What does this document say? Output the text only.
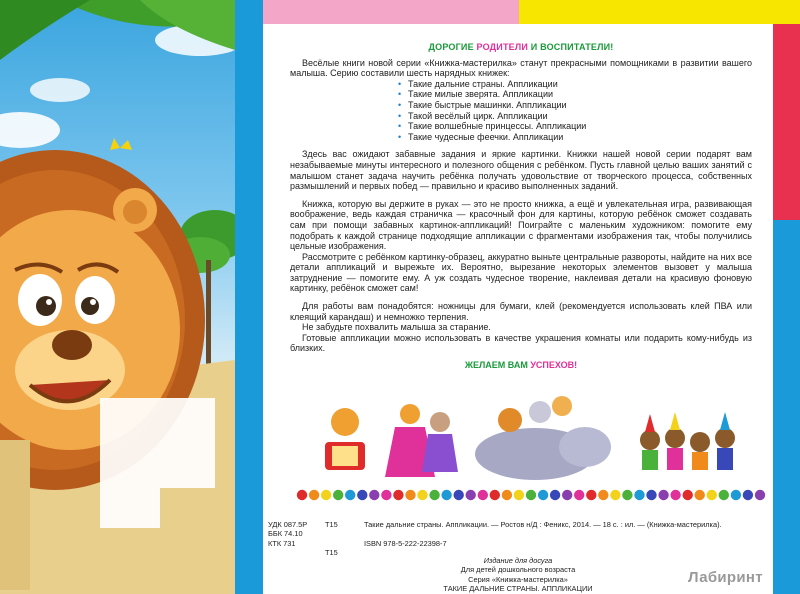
ДОРОГИЕ РОДИТЕЛИ И ВОСПИТАТЕЛИ!

Весёлые книги новой серии «Книжка-мастерилка» станут прекрасными помощниками в развитии вашего малыша. Серию составили шесть нарядных книжек:

• Такие дальние страны. Аппликации
• Такие милые зверята. Аппликации
• Такие быстрые машинки. Аппликации
• Такой весёлый цирк. Аппликации
• Такие волшебные принцессы. Аппликации
• Такие чудесные феечки. Аппликации

Здесь вас ожидают забавные задания и яркие картинки. Книжки нашей новой серии подарят вам незабываемые минуты интересного и полезного общения с ребёнком. Пусть главной целью ваших занятий с малышом станет задача научить ребёнка получать удовольствие от творческого процесса, собственных размышлений и первых побед — правильно и красиво выполненных заданий.

Книжка, которую вы держите в руках — это не просто книжка, а ещё и увлекательная игра, развивающая воображение, ведь каждая страничка — красочный фон для картины, которую ребёнок сможет создавать сам при помощи забавных картинок-аппликаций! Поиграйте с маленьким художником: помогите ему подобрать к каждой странице подходящие аппликации с фрагментами изображения так, чтобы получились цельные изображения.

Рассмотрите с ребёнком картинку-образец, аккуратно выньте центральные развороты, найдите на них все детали аппликаций и вырежьте их. Вероятно, вырезание некоторых элементов вызовет у малыша затруднение — помогите ему. А уж создать чудесное творение, наклеивая детали на красивую фоновую картинку, ребёнок сможет сам!

Для работы вам понадобятся: ножницы для бумаги, клей (рекомендуется использовать клей ПВА или клеящий карандаш) и немножко терпения.

Не забудьте похвалить малыша за старание.

Готовые аппликации можно использовать в качестве украшения комнаты или подарить кому-нибудь из близких.

ЖЕЛАЕМ ВАМ УСПЕХОВ!
УДК 087.5Р
ББК 74.10
КТК 731
Т15	Такие дальние страны. Аппликации. — Ростов н/Д : Феникс, 2014. — 18 с. : ил. — (Книжка-мастерилка).
ISBN 978-5-222-22398-7
Т15
Издание для досуга
Для детей дошкольного возраста
Серия «Книжка-мастерилка»
ТАКИЕ ДАЛЬНИЕ СТРАНЫ. АППЛИКАЦИИ
Лабиринт
